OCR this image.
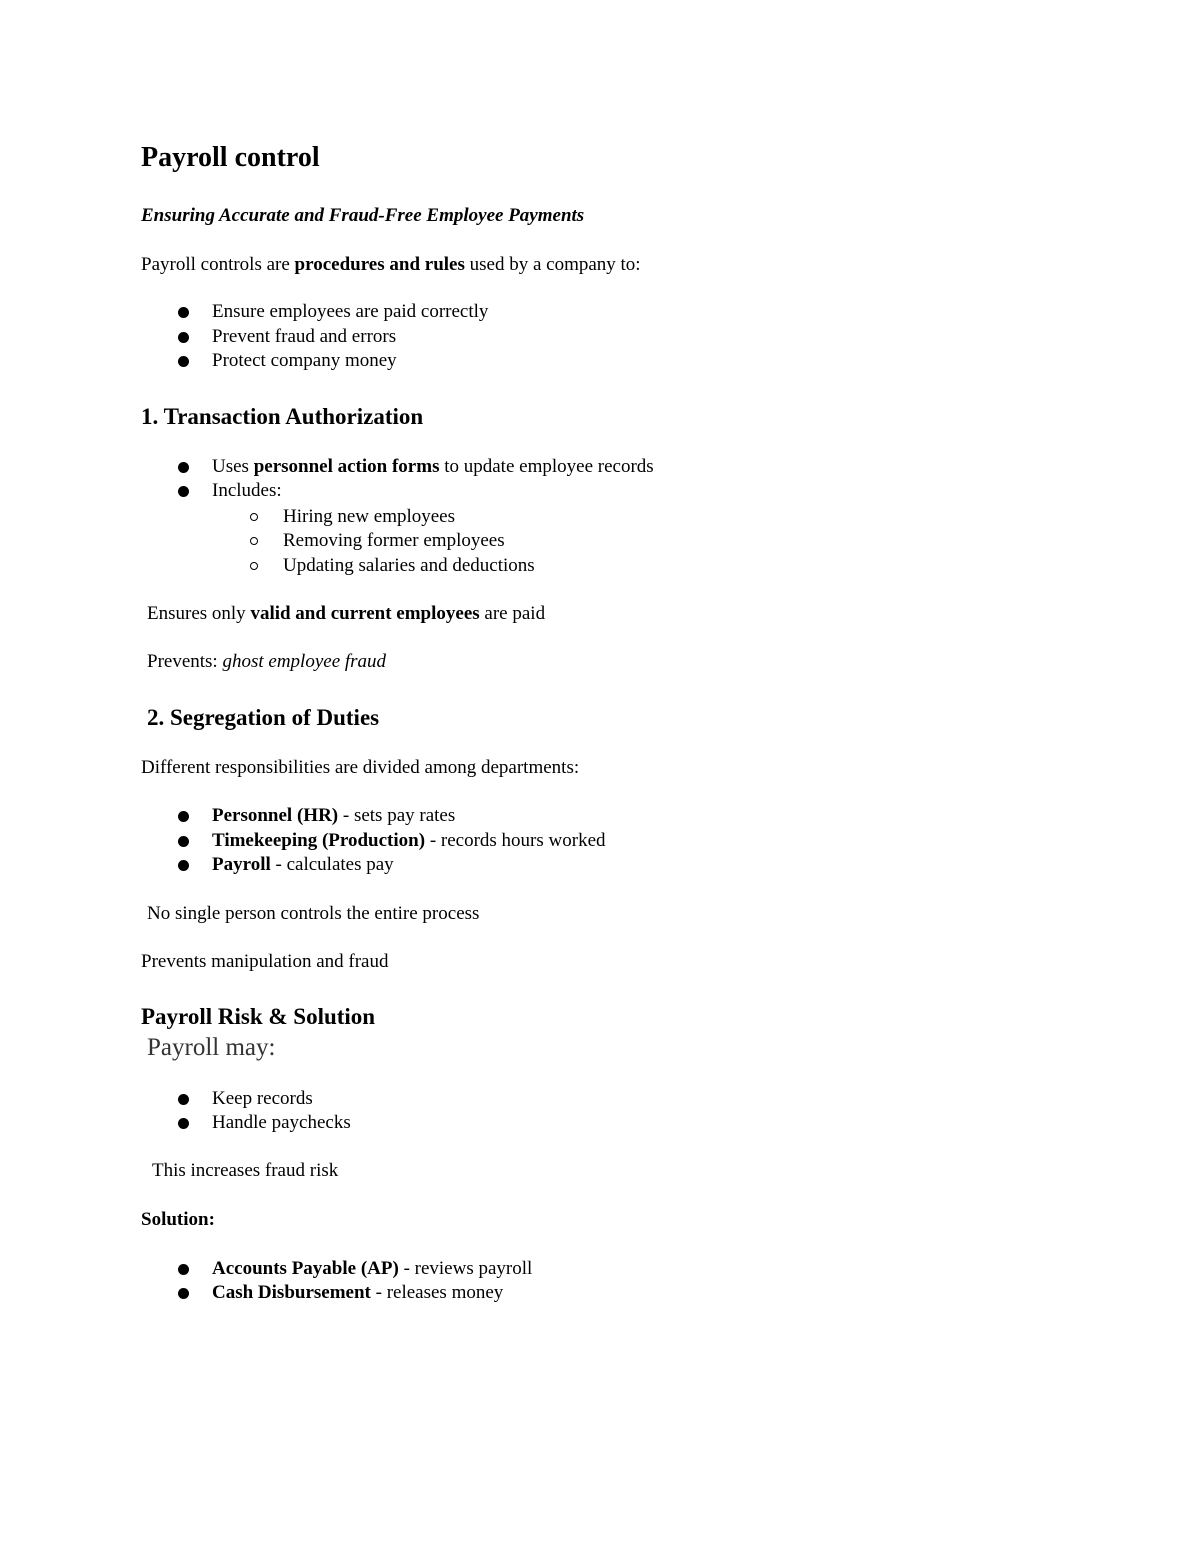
Payroll control
Ensuring Accurate and Fraud-Free Employee Payments
Payroll controls are procedures and rules used by a company to:
Ensure employees are paid correctly
Prevent fraud and errors
Protect company money
1. Transaction Authorization
Uses personnel action forms to update employee records
Includes:
Hiring new employees
Removing former employees
Updating salaries and deductions
Ensures only valid and current employees are paid
Prevents: ghost employee fraud
2. Segregation of Duties
Different responsibilities are divided among departments:
Personnel (HR) - sets pay rates
Timekeeping (Production) - records hours worked
Payroll - calculates pay
No single person controls the entire process
Prevents manipulation and fraud
Payroll Risk & Solution
Payroll may:
Keep records
Handle paychecks
This increases fraud risk
Solution:
Accounts Payable (AP) - reviews payroll
Cash Disbursement - releases money
